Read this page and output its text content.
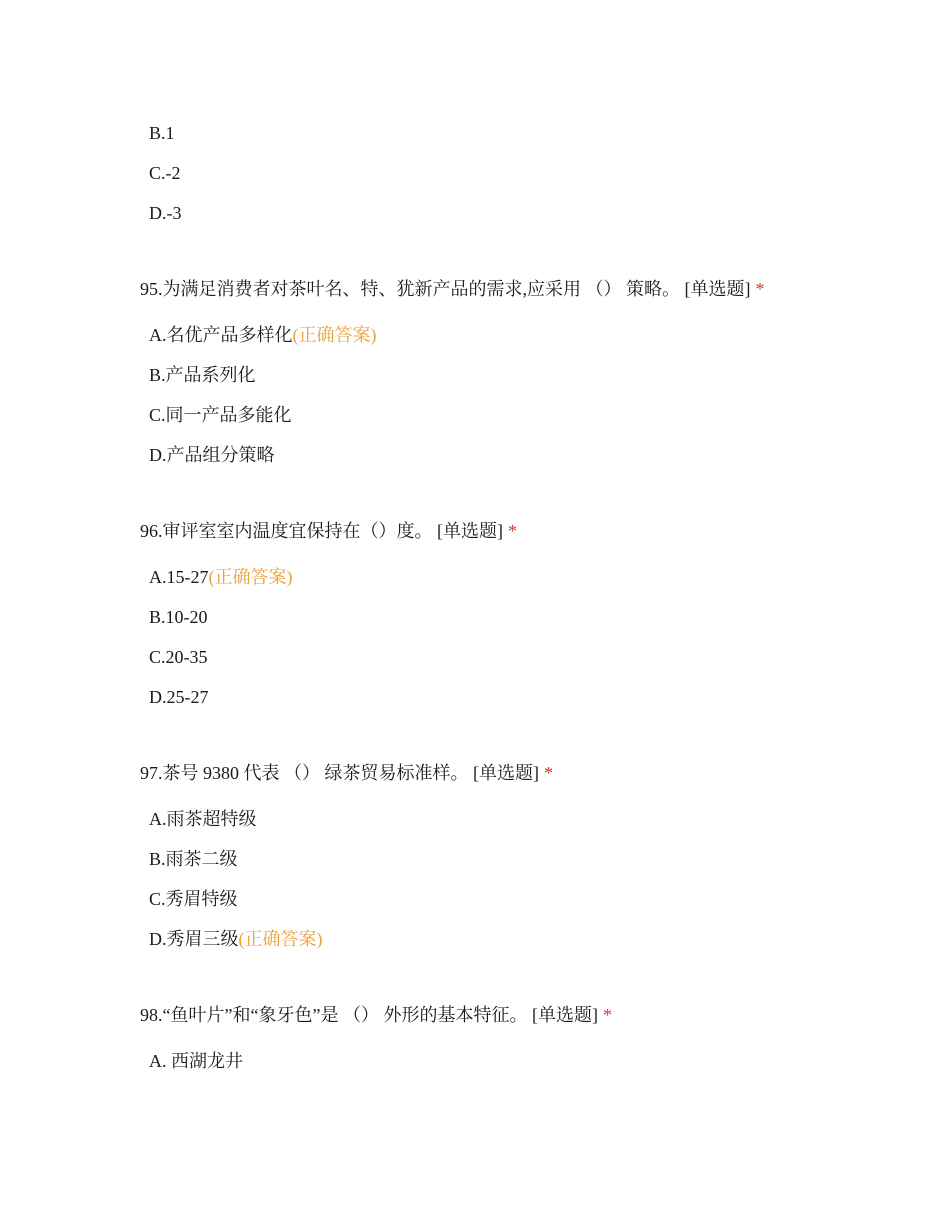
B.1
C.-2
D.-3
95.为满足消费者对茶叶名、特、犹新产品的需求,应采用 （） 策略。 [单选题] *
A.名优产品多样化(正确答案)
B.产品系列化
C.同一产品多能化
D.产品组分策略
96.审评室室内温度宜保持在（）度。 [单选题] *
A.15-27(正确答案)
B.10-20
C.20-35
D.25-27
97.茶号 9380 代表 （） 绿茶贸易标准样。 [单选题] *
A.雨茶超特级
B.雨茶二级
C.秀眉特级
D.秀眉三级(正确答案)
98.“鱼叶片”和“象牙色”是 （） 外形的基本特征。 [单选题] *
A. 西湖龙井
